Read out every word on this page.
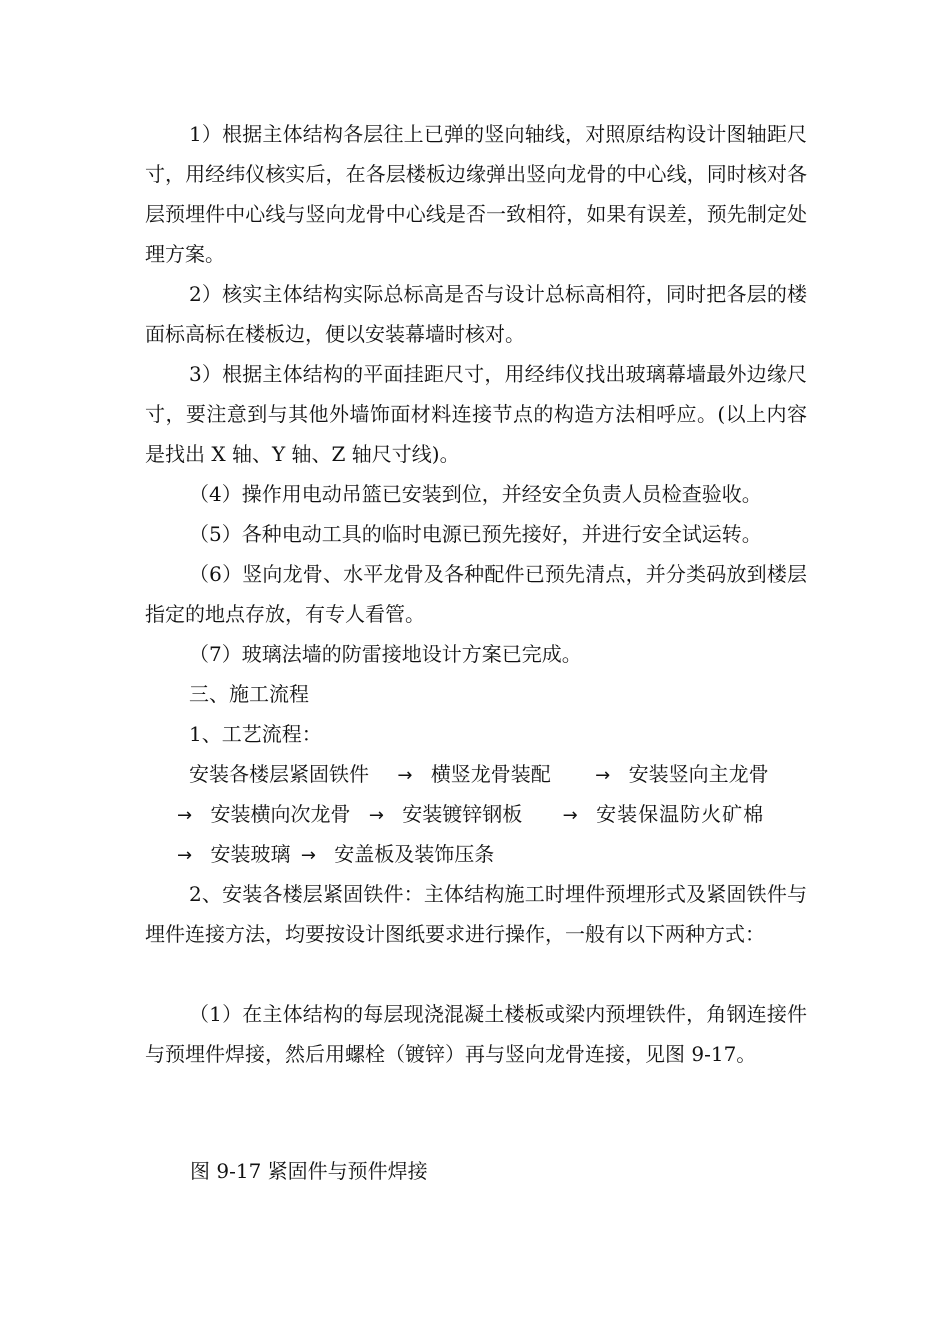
1）根据主体结构各层往上已弹的竖向轴线，对照原结构设计图轴距尺寸，用经纬仪核实后，在各层楼板边缘弹出竖向龙骨的中心线，同时核对各层预埋件中心线与竖向龙骨中心线是否一致相符，如果有误差，预先制定处理方案。

2）核实主体结构实际总标高是否与设计总标高相符，同时把各层的楼面标高标在楼板边，便以安装幕墙时核对。

3）根据主体结构的平面挂距尺寸，用经纬仪找出玻璃幕墙最外边缘尺寸，要注意到与其他外墙饰面材料连接节点的构造方法相呼应。(以上内容是找出 X 轴、Y 轴、Z 轴尺寸线)。

（4）操作用电动吊篮已安装到位，并经安全负责人员检查验收。

（5）各种电动工具的临时电源已预先接好，并进行安全试运转。

（6）竖向龙骨、水平龙骨及各种配件已预先清点，并分类码放到楼层指定的地点存放，有专人看管。

（7）玻璃法墙的防雷接地设计方案已完成。

三、施工流程

1、工艺流程：

安装各楼层紧固铁件 → 横竖龙骨装配 → 安装竖向主龙骨
→ 安装横向次龙骨 → 安装镀锌钢板 → 安装保温防火矿棉
→ 安装玻璃 → 安盖板及装饰压条

2、安装各楼层紧固铁件：主体结构施工时埋件预埋形式及紧固铁件与埋件连接方法，均要按设计图纸要求进行操作，一般有以下两种方式：

（1）在主体结构的每层现浇混凝土楼板或梁内预埋铁件，角钢连接件与预埋件焊接，然后用螺栓（镀锌）再与竖向龙骨连接，见图 9-17。

图 9-17 紧固件与预件焊接
